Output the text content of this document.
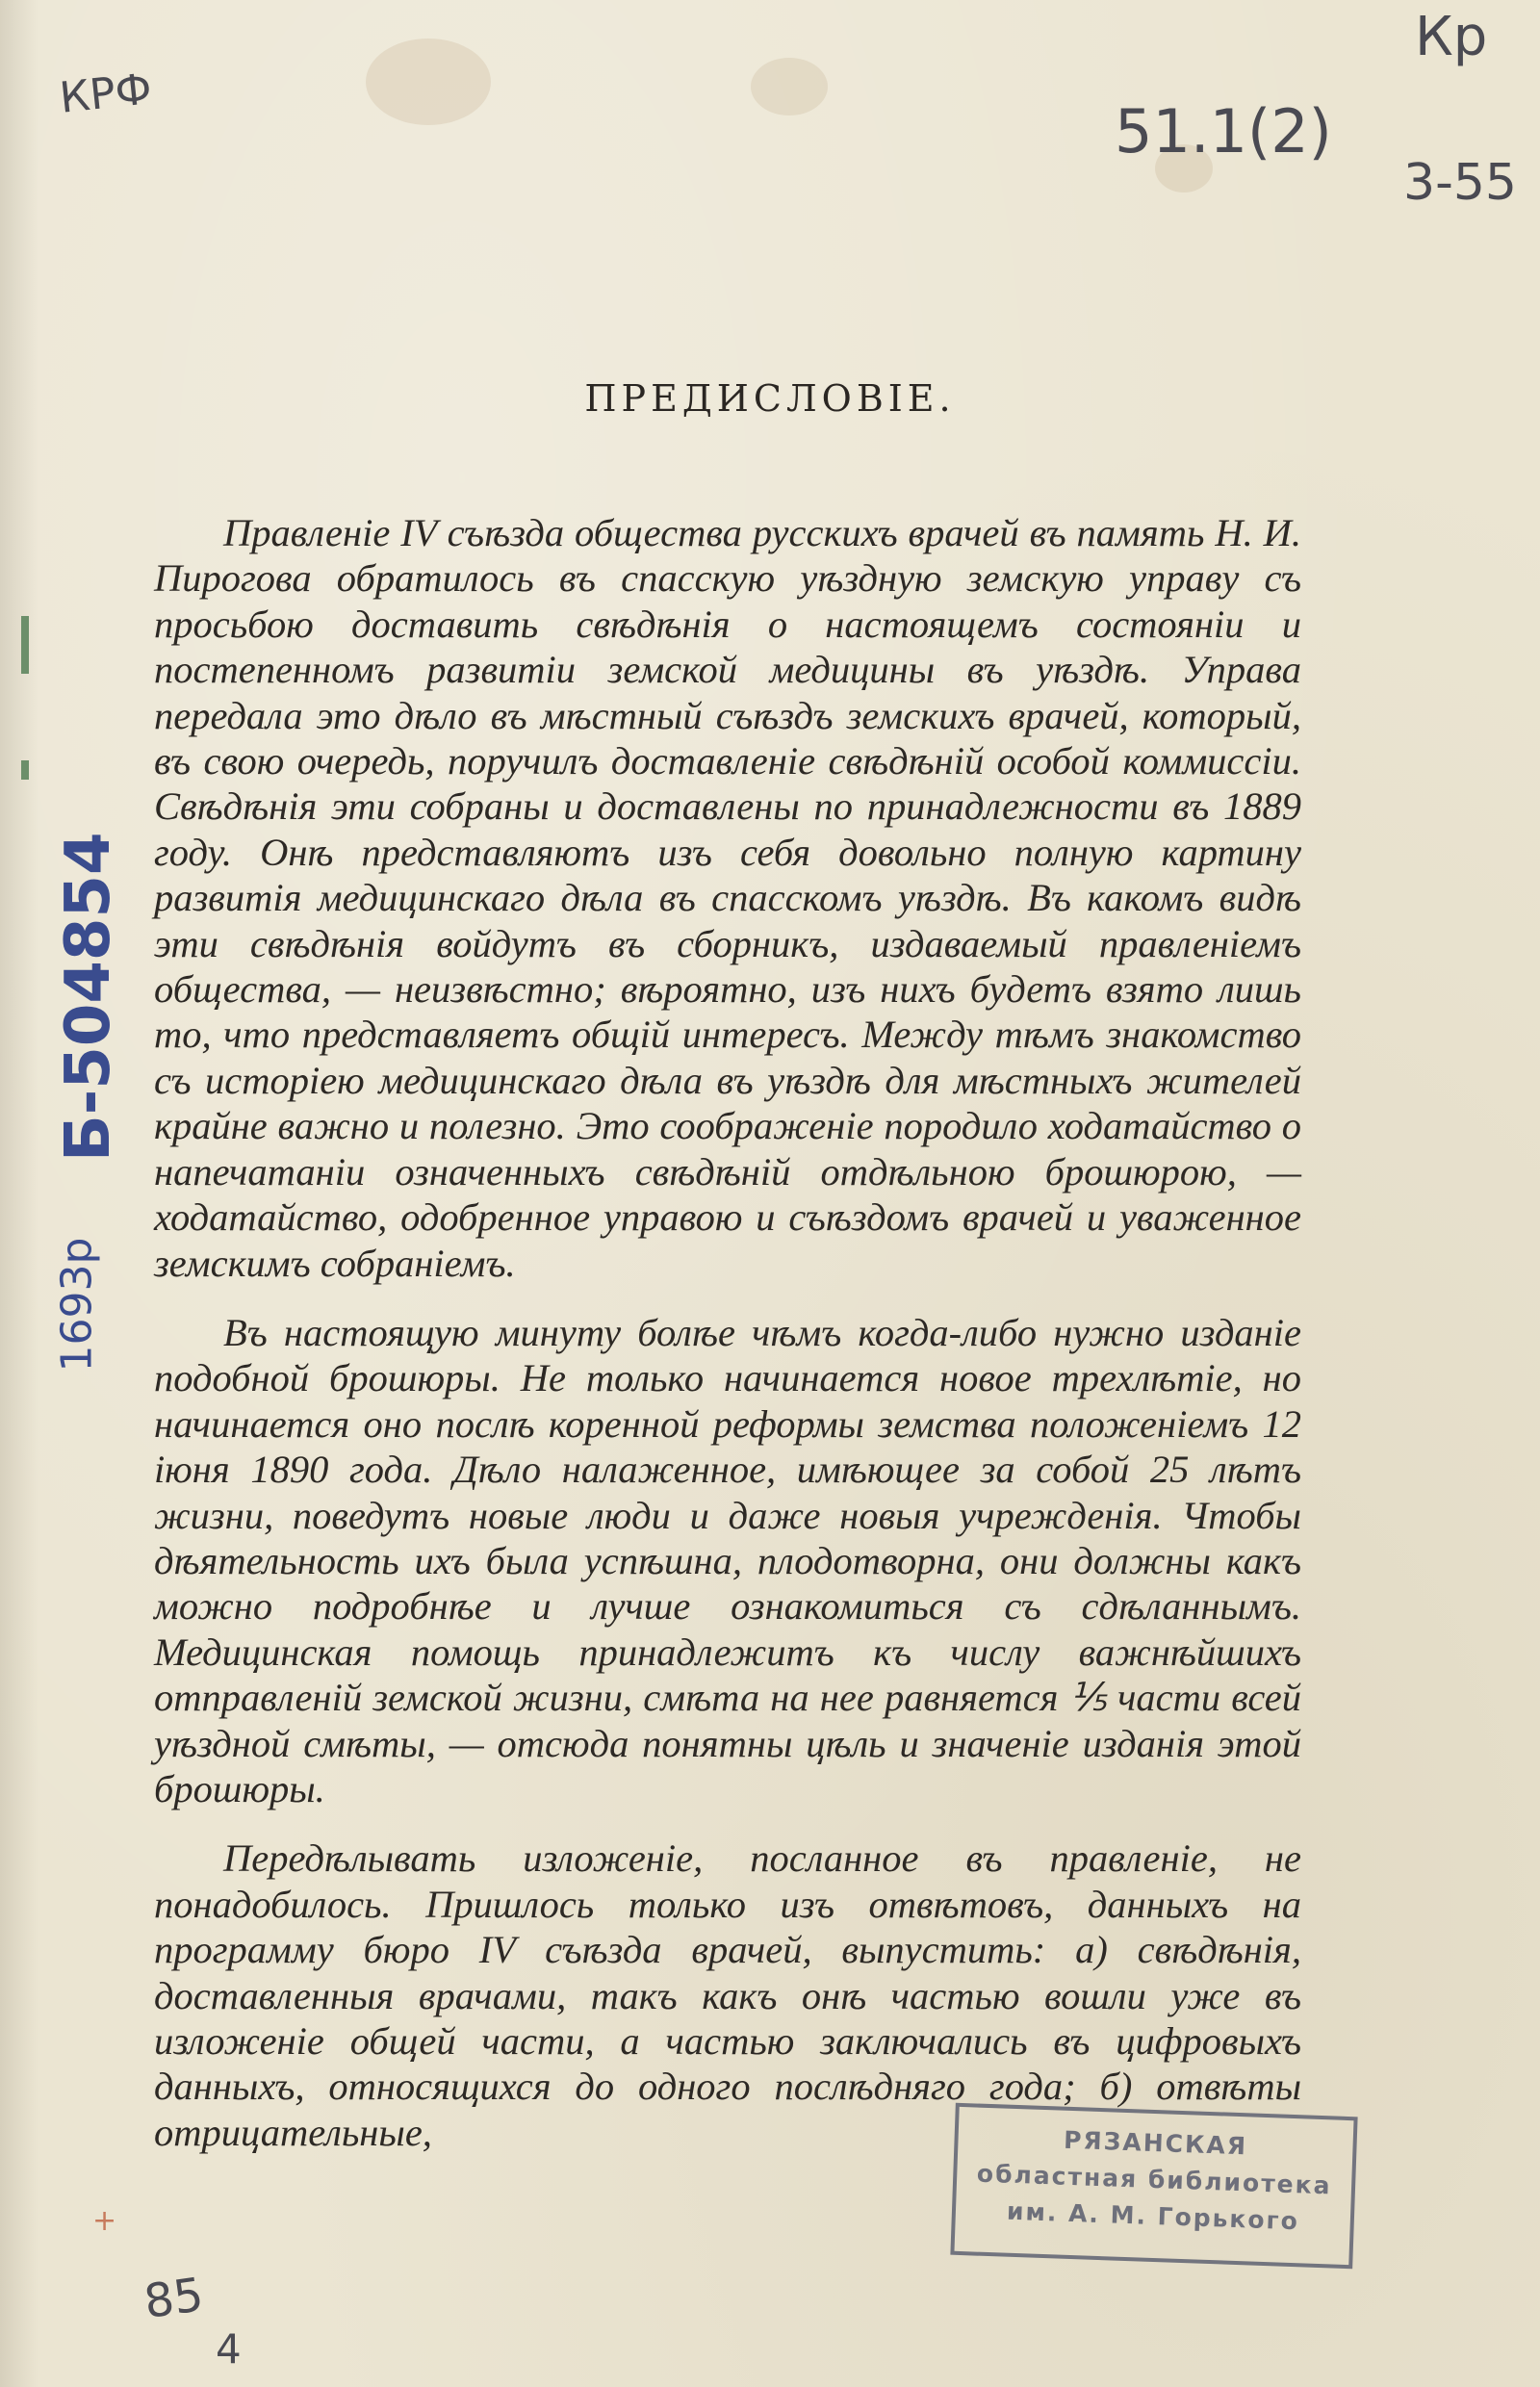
КРФ
51.1(2)
Кр
3-55
Б-504854
1693р
+
85
4
ПРЕДИСЛОВІЕ.

Правленіе IV съѣзда общества русскихъ врачей въ память Н. И. Пирогова обратилось въ спасскую уѣздную земскую управу съ просьбою доставить свѣдѣнія о настоящемъ состояніи и постепенномъ развитіи земской медицины въ уѣздѣ. Управа передала это дѣло въ мѣстный съѣздъ земскихъ врачей, который, въ свою очередь, поручилъ доставленіе свѣдѣній особой коммиссіи. Свѣдѣнія эти собраны и доставлены по принадлежности въ 1889 году. Онѣ представляютъ изъ себя довольно полную картину развитія медицинскаго дѣла въ спасскомъ уѣздѣ. Въ какомъ видѣ эти свѣдѣнія войдутъ въ сборникъ, издаваемый правленіемъ общества, — неизвѣстно; вѣроятно, изъ нихъ будетъ взято лишь то, что представляетъ общій интересъ. Между тѣмъ знакомство съ исторіею медицинскаго дѣла въ уѣздѣ для мѣстныхъ жителей крайне важно и полезно. Это соображеніе породило ходатайство о напечатаніи означенныхъ свѣдѣній отдѣльною брошюрою, — ходатайство, одобренное управою и съѣздомъ врачей и уваженное земскимъ собраніемъ.

Въ настоящую минуту болѣе чѣмъ когда-либо нужно изданіе подобной брошюры. Не только начинается новое трехлѣтіе, но начинается оно послѣ коренной реформы земства положеніемъ 12 іюня 1890 года. Дѣло налаженное, имѣющее за собой 25 лѣтъ жизни, поведутъ новые люди и даже новыя учрежденія. Чтобы дѣятельность ихъ была успѣшна, плодотворна, они должны какъ можно подробнѣе и лучше ознакомиться съ сдѣланнымъ. Медицинская помощь принадлежитъ къ числу важнѣйшихъ отправленій земской жизни, смѣта на нее равняется ⅕ части всей уѣздной смѣты, — отсюда понятны цѣль и значеніе изданія этой брошюры.

Передѣлывать изложеніе, посланное въ правленіе, не понадобилось. Пришлось только изъ отвѣтовъ, данныхъ на программу бюро IV съѣзда врачей, выпустить: а) свѣдѣнія, доставленныя врачами, такъ какъ онѣ частью вошли уже въ изложеніе общей части, а частью заключались въ цифровыхъ данныхъ, относящихся до одного послѣдняго года; б) отвѣты отрицательные,	РЯЗАНСКАЯ
областная библиотека
им. А. М. Горького
